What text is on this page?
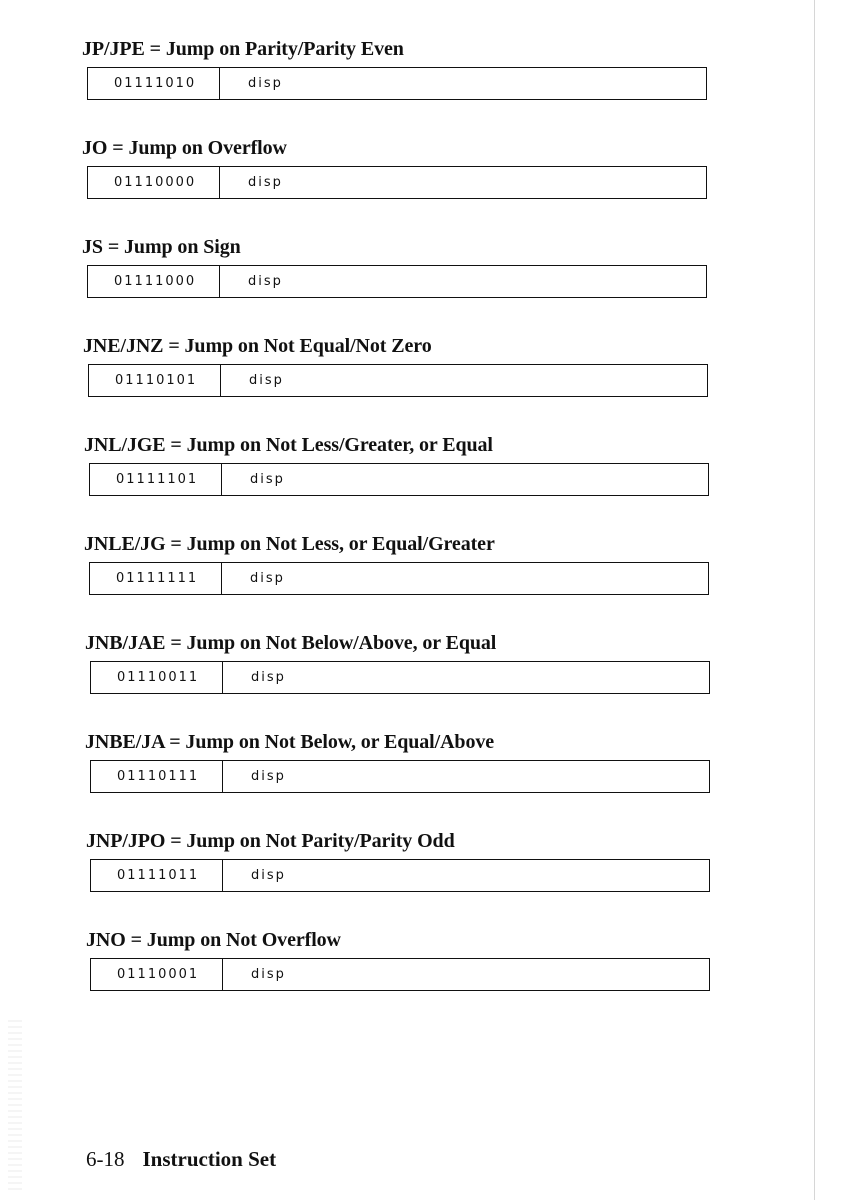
JP/JPE = Jump on Parity/Parity Even
01111010	disp
JO = Jump on Overflow
01110000	disp
JS = Jump on Sign
01111000	disp
JNE/JNZ = Jump on Not Equal/Not Zero
01110101	disp
JNL/JGE = Jump on Not Less/Greater, or Equal
01111101	disp
JNLE/JG = Jump on Not Less, or Equal/Greater
01111111	disp
JNB/JAE = Jump on Not Below/Above, or Equal
01110011	disp
JNBE/JA = Jump on Not Below, or Equal/Above
01110111	disp
JNP/JPO = Jump on Not Parity/Parity Odd
01111011	disp
JNO = Jump on Not Overflow
01110001	disp
6-18 Instruction Set
